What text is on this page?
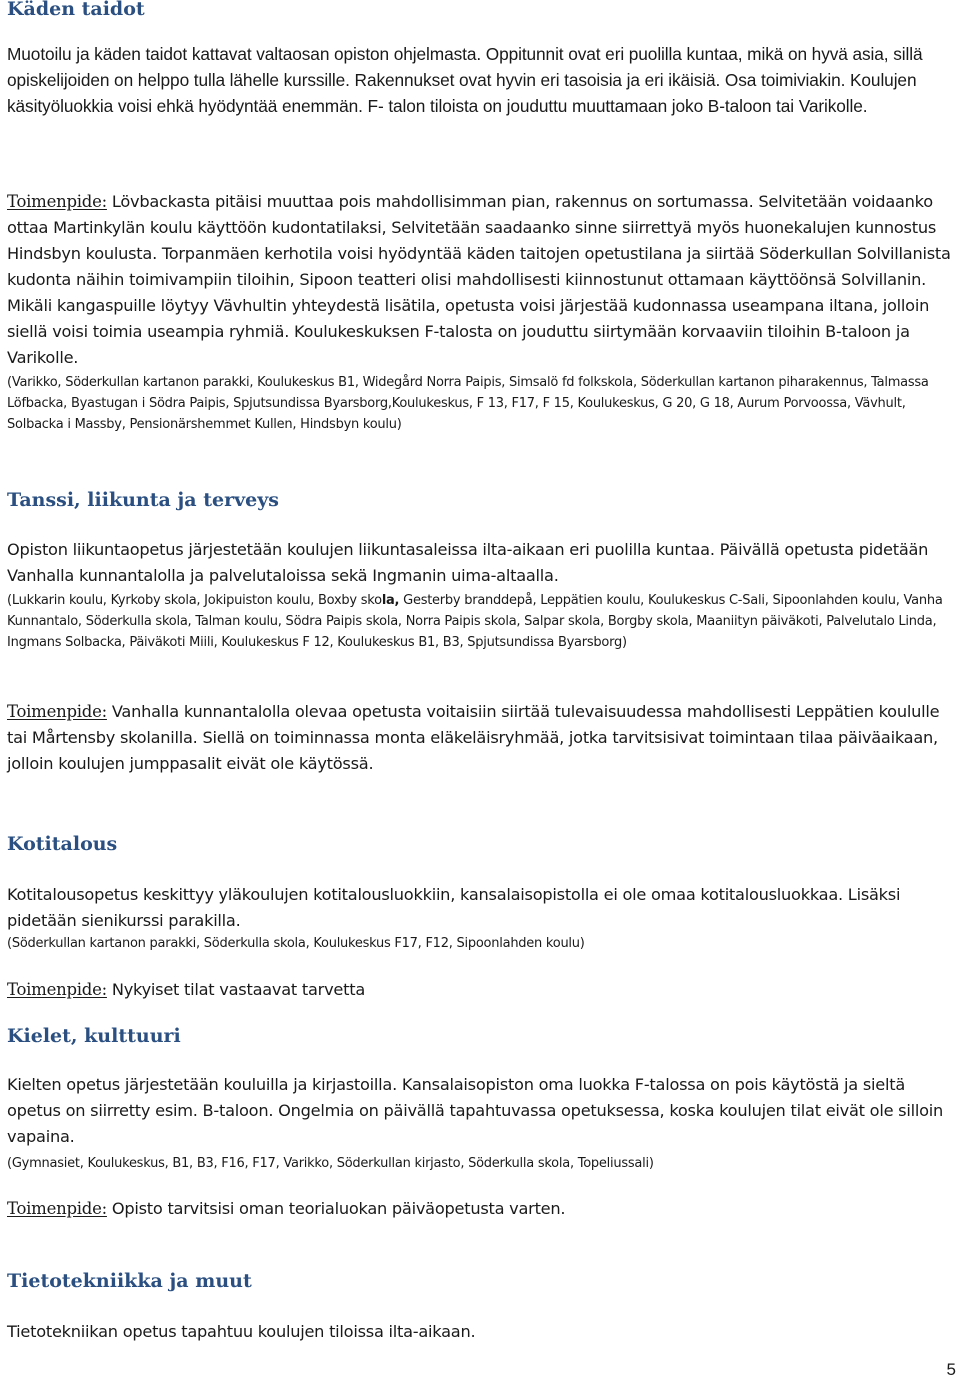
Käden taidot

Muotoilu ja käden taidot kattavat valtaosan opiston ohjelmasta. Oppitunnit ovat eri puolilla kuntaa, mikä on hyvä asia, sillä opiskelijoiden on helppo tulla lähelle kurssille. Rakennukset ovat hyvin eri tasoisia ja eri ikäisiä. Osa toimiviakin. Koulujen käsityöluokkia voisi ehkä hyödyntää enemmän. F- talon tiloista on jouduttu muuttamaan joko B-taloon tai Varikolle.

Toimenpide: Lövbackasta pitäisi muuttaa pois mahdollisimman pian, rakennus on sortumassa. Selvitetään voidaanko ottaa Martinkylän koulu käyttöön kudontatilaksi, Selvitetään saadaanko sinne siirrettyä myös huonekalujen kunnostus Hindsbyn koulusta. Torpanmäen kerhotila voisi hyödyntää käden taitojen opetustilana ja siirtää Söderkullan Solvillanista kudonta näihin toimivampiin tiloihin, Sipoon teatteri olisi mahdollisesti kiinnostunut ottamaan käyttöönsä Solvillanin. Mikäli kangaspuille löytyy Vävhultin yhteydestä lisätila, opetusta voisi järjestää kudonnassa useampana iltana, jolloin siellä voisi toimia useampia ryhmiä. Koulukeskuksen F-talosta on jouduttu siirtymään korvaaviin tiloihin B-taloon ja Varikolle.

(Varikko, Söderkullan kartanon parakki, Koulukeskus B1, Widegård Norra Paipis, Simsalö fd folkskola, Söderkullan kartanon piharakennus, Talmassa Löfbacka, Byastugan i Södra Paipis, Spjutsundissa Byarsborg,Koulukeskus, F 13, F17, F 15, Koulukeskus, G 20, G 18, Aurum Porvoossa, Vävhult, Solbacka i Massby, Pensionärshemmet Kullen, Hindsbyn koulu)

Tanssi, liikunta ja terveys

Opiston liikuntaopetus järjestetään koulujen liikuntasaleissa ilta-aikaan eri puolilla kuntaa. Päivällä opetusta pidetään Vanhalla kunnantalolla ja palvelutaloissa sekä Ingmanin uima-altaalla.

(Lukkarin koulu, Kyrkoby skola, Jokipuiston koulu, Boxby skola, Gesterby branddepå, Leppätien koulu, Koulukeskus C-Sali, Sipoonlahden koulu, Vanha Kunnantalo, Söderkulla skola, Talman koulu, Södra Paipis skola, Norra Paipis skola, Salpar skola, Borgby skola, Maaniityn päiväkoti, Palvelutalo Linda, Ingmans Solbacka, Päiväkoti Miili, Koulukeskus F 12, Koulukeskus B1, B3, Spjutsundissa Byarsborg)

Toimenpide: Vanhalla kunnantalolla olevaa opetusta voitaisiin siirtää tulevaisuudessa mahdollisesti Leppätien koululle tai Mårtensby skolanilla. Siellä on toiminnassa monta eläkeläisryhmää, jotka tarvitsisivat toimintaan tilaa päiväaikaan, jolloin koulujen jumppasalit eivät ole käytössä.

Kotitalous

Kotitalousopetus keskittyy yläkoulujen kotitalousluokkiin, kansalaisopistolla ei ole omaa kotitalousluokkaa. Lisäksi pidetään sienikurssi parakilla.

(Söderkullan kartanon parakki, Söderkulla skola, Koulukeskus F17, F12, Sipoonlahden koulu)

Toimenpide: Nykyiset tilat vastaavat tarvetta

Kielet, kulttuuri

Kielten opetus järjestetään kouluilla ja kirjastoilla. Kansalaisopiston oma luokka F-talossa on pois käytöstä ja sieltä opetus on siirretty esim. B-taloon. Ongelmia on päivällä tapahtuvassa opetuksessa, koska koulujen tilat eivät ole silloin vapaina.

(Gymnasiet, Koulukeskus, B1, B3, F16, F17, Varikko, Söderkullan kirjasto, Söderkulla skola, Topeliussali)

Toimenpide: Opisto tarvitsisi oman teorialuokan päiväopetusta varten.

Tietotekniikka ja muut

Tietotekniikan opetus tapahtuu koulujen tiloissa ilta-aikaan.

5
